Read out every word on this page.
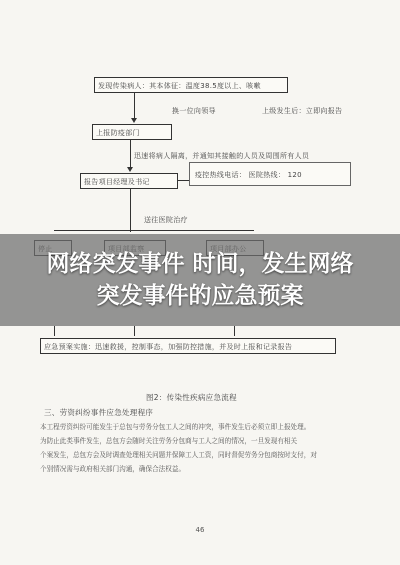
发现传染病人：其本体征：温度38.5度以上、咳嗽
换一位向领导	上级发生后：立即向报告
上报防疫部门
迅速将病人隔离，并通知其接触的人员及周围所有人员
报告项目经理及书记
疫控热线电话： 医院热线： 120
送往医院治疗
应急预案实施：迅速救援，控制事态，加强防控措施，并及时上报和记录报告
图2：传染性疾病应急流程
三、劳资纠纷事件应急处理程序
本工程劳资纠纷可能发生于总包与劳务分包工人之间的冲突，事件发生后必须立即上报处理。
为防止此类事件发生，总包方会随时关注劳务分包商与工人之间的情况，一旦发现有相关
个案发生，总包方会及时调查处理相关问题并保障工人工资，同时督促劳务分包商按时支付，对
个别情况需与政府相关部门沟通，确保合法权益。
46
网络突发事件 时间，发生网络
突发事件的应急预案
